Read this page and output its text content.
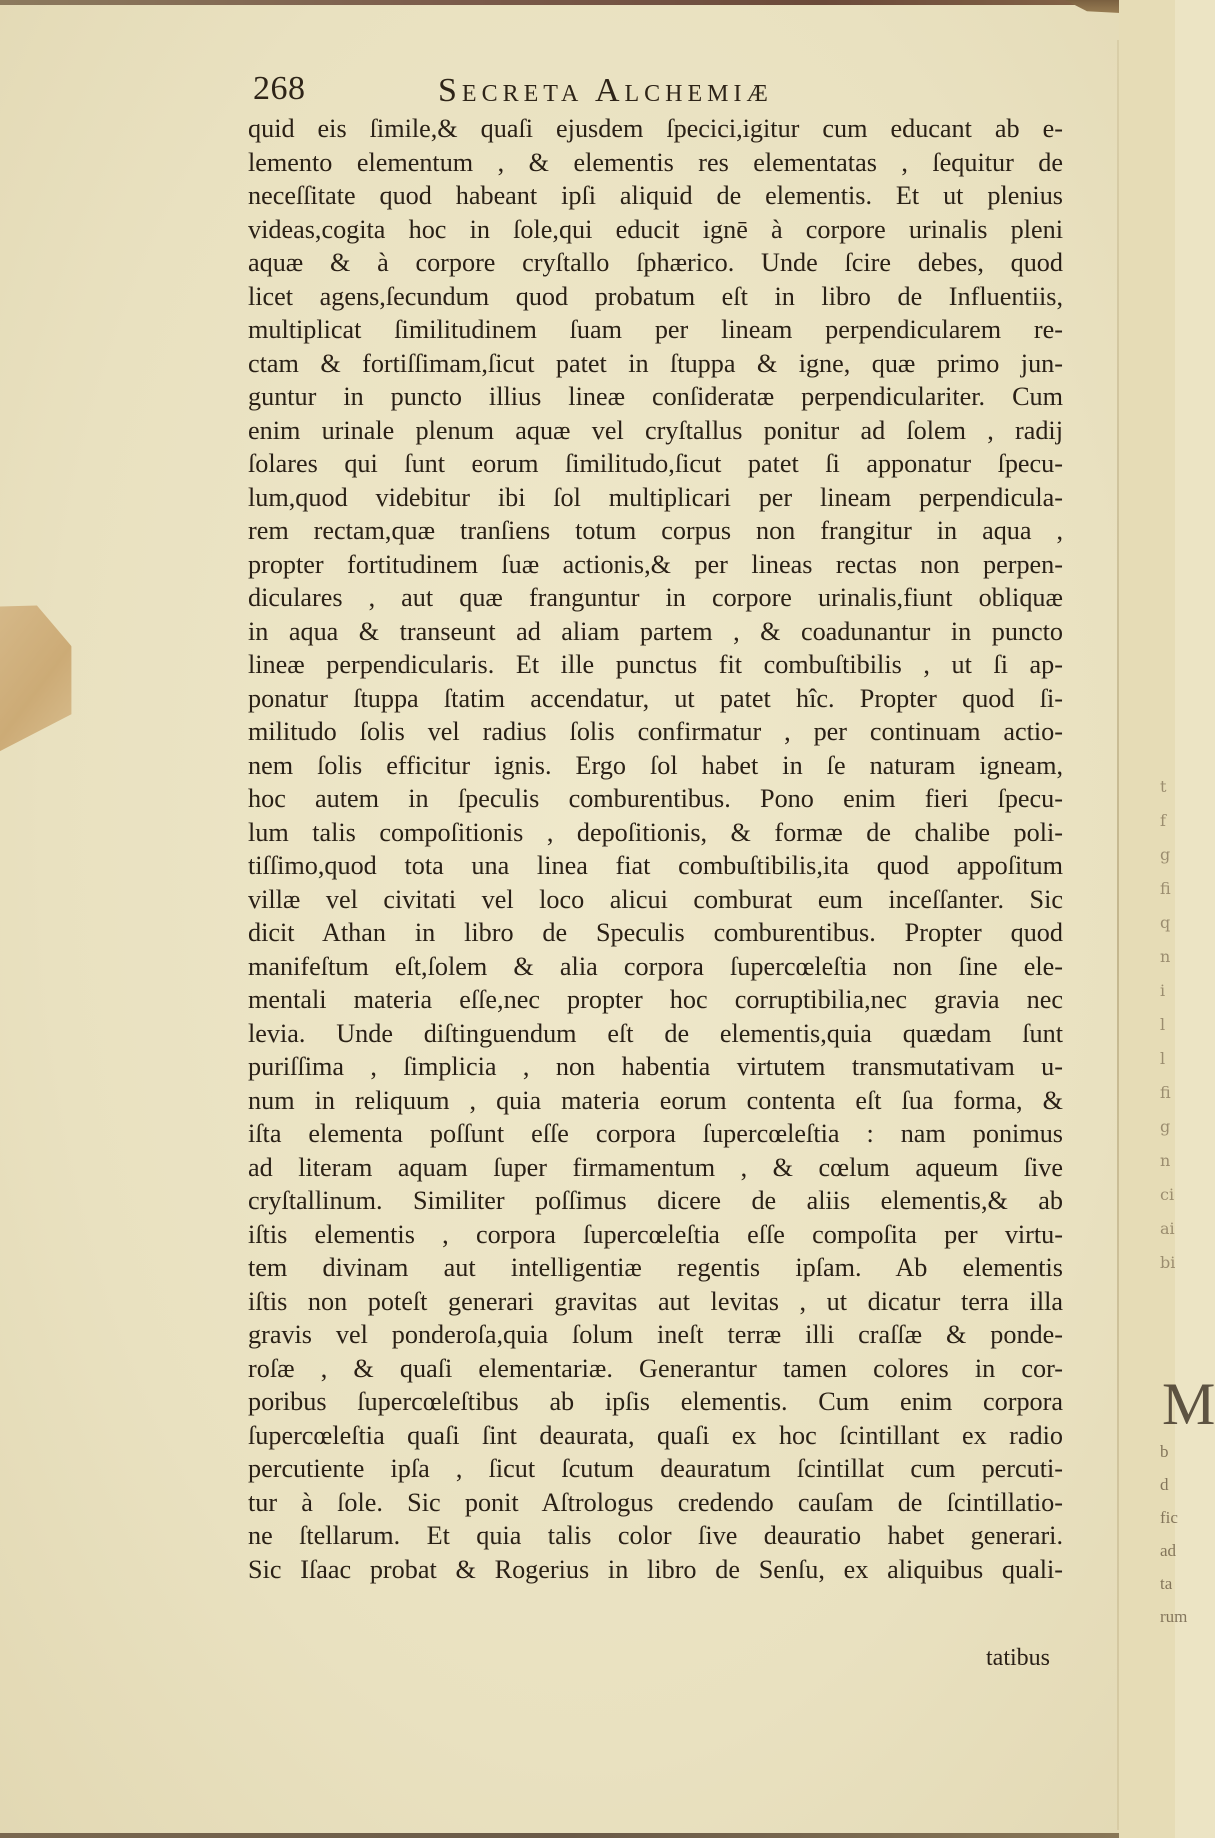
268	Secreta Alchemiæ
quid eis ſimile,& quaſi ejusdem ſpecici,igitur cum educant ab e-
lemento elementum , & elementis res elementatas , ſequitur de
neceſſitate quod habeant ipſi aliquid de elementis. Et ut plenius
videas,cogita hoc in ſole,qui educit ignē à corpore urinalis pleni
aquæ & à corpore cryſtallo ſphærico. Unde ſcire debes, quod
licet agens,ſecundum quod probatum eſt in libro de Influentiis,
multiplicat ſimilitudinem ſuam per lineam perpendicularem re-
ctam & fortiſſimam,ſicut patet in ſtuppa & igne, quæ primo jun-
guntur in puncto illius lineæ conſideratæ perpendiculariter. Cum
enim urinale plenum aquæ vel cryſtallus ponitur ad ſolem , radij
ſolares qui ſunt eorum ſimilitudo,ſicut patet ſi apponatur ſpecu-
lum,quod videbitur ibi ſol multiplicari per lineam perpendicula-
rem rectam,quæ tranſiens totum corpus non frangitur in aqua ,
propter fortitudinem ſuæ actionis,& per lineas rectas non perpen-
diculares , aut quæ franguntur in corpore urinalis,fiunt obliquæ
in aqua & transeunt ad aliam partem , & coadunantur in puncto
lineæ perpendicularis. Et ille punctus fit combuſtibilis , ut ſi ap-
ponatur ſtuppa ſtatim accendatur, ut patet hîc. Propter quod ſi-
militudo ſolis vel radius ſolis confirmatur , per continuam actio-
nem ſolis efficitur ignis. Ergo ſol habet in ſe naturam igneam,
hoc autem in ſpeculis comburentibus. Pono enim fieri ſpecu-
lum talis compoſitionis , depoſitionis, & formæ de chalibe poli-
tiſſimo,quod tota una linea fiat combuſtibilis,ita quod appoſitum
villæ vel civitati vel loco alicui comburat eum inceſſanter. Sic
dicit Athan in libro de Speculis comburentibus. Propter quod
manifeſtum eſt,ſolem & alia corpora ſupercœleſtia non ſine ele-
mentali materia eſſe,nec propter hoc corruptibilia,nec gravia nec
levia. Unde diſtinguendum eſt de elementis,quia quædam ſunt
puriſſima , ſimplicia , non habentia virtutem transmutativam u-
num in reliquum , quia materia eorum contenta eſt ſua forma, &
iſta elementa poſſunt eſſe corpora ſupercœleſtia : nam ponimus
ad literam aquam ſuper firmamentum , & cœlum aqueum ſive
cryſtallinum. Similiter poſſimus dicere de aliis elementis,& ab
iſtis elementis , corpora ſupercœleſtia eſſe compoſita per virtu-
tem divinam aut intelligentiæ regentis ipſam. Ab elementis
iſtis non poteſt generari gravitas aut levitas , ut dicatur terra illa
gravis vel ponderoſa,quia ſolum ineſt terræ illi craſſæ & ponde-
roſæ , & quaſi elementariæ. Generantur tamen colores in cor-
poribus ſupercœleſtibus ab ipſis elementis. Cum enim corpora
ſupercœleſtia quaſi ſint deaurata, quaſi ex hoc ſcintillant ex radio
percutiente ipſa , ſicut ſcutum deauratum ſcintillat cum percuti-
tur à ſole. Sic ponit Aſtrologus credendo cauſam de ſcintillatio-
ne ſtellarum. Et quia talis color ſive deauratio habet generari.
Sic Iſaac probat & Rogerius in libro de Senſu, ex aliquibus quali-
tatibus
t
f
g
fi
q
n
i
l
l
fi
g
n
ci
ai
bi
M
b
d
fic
ad
ta
rum
